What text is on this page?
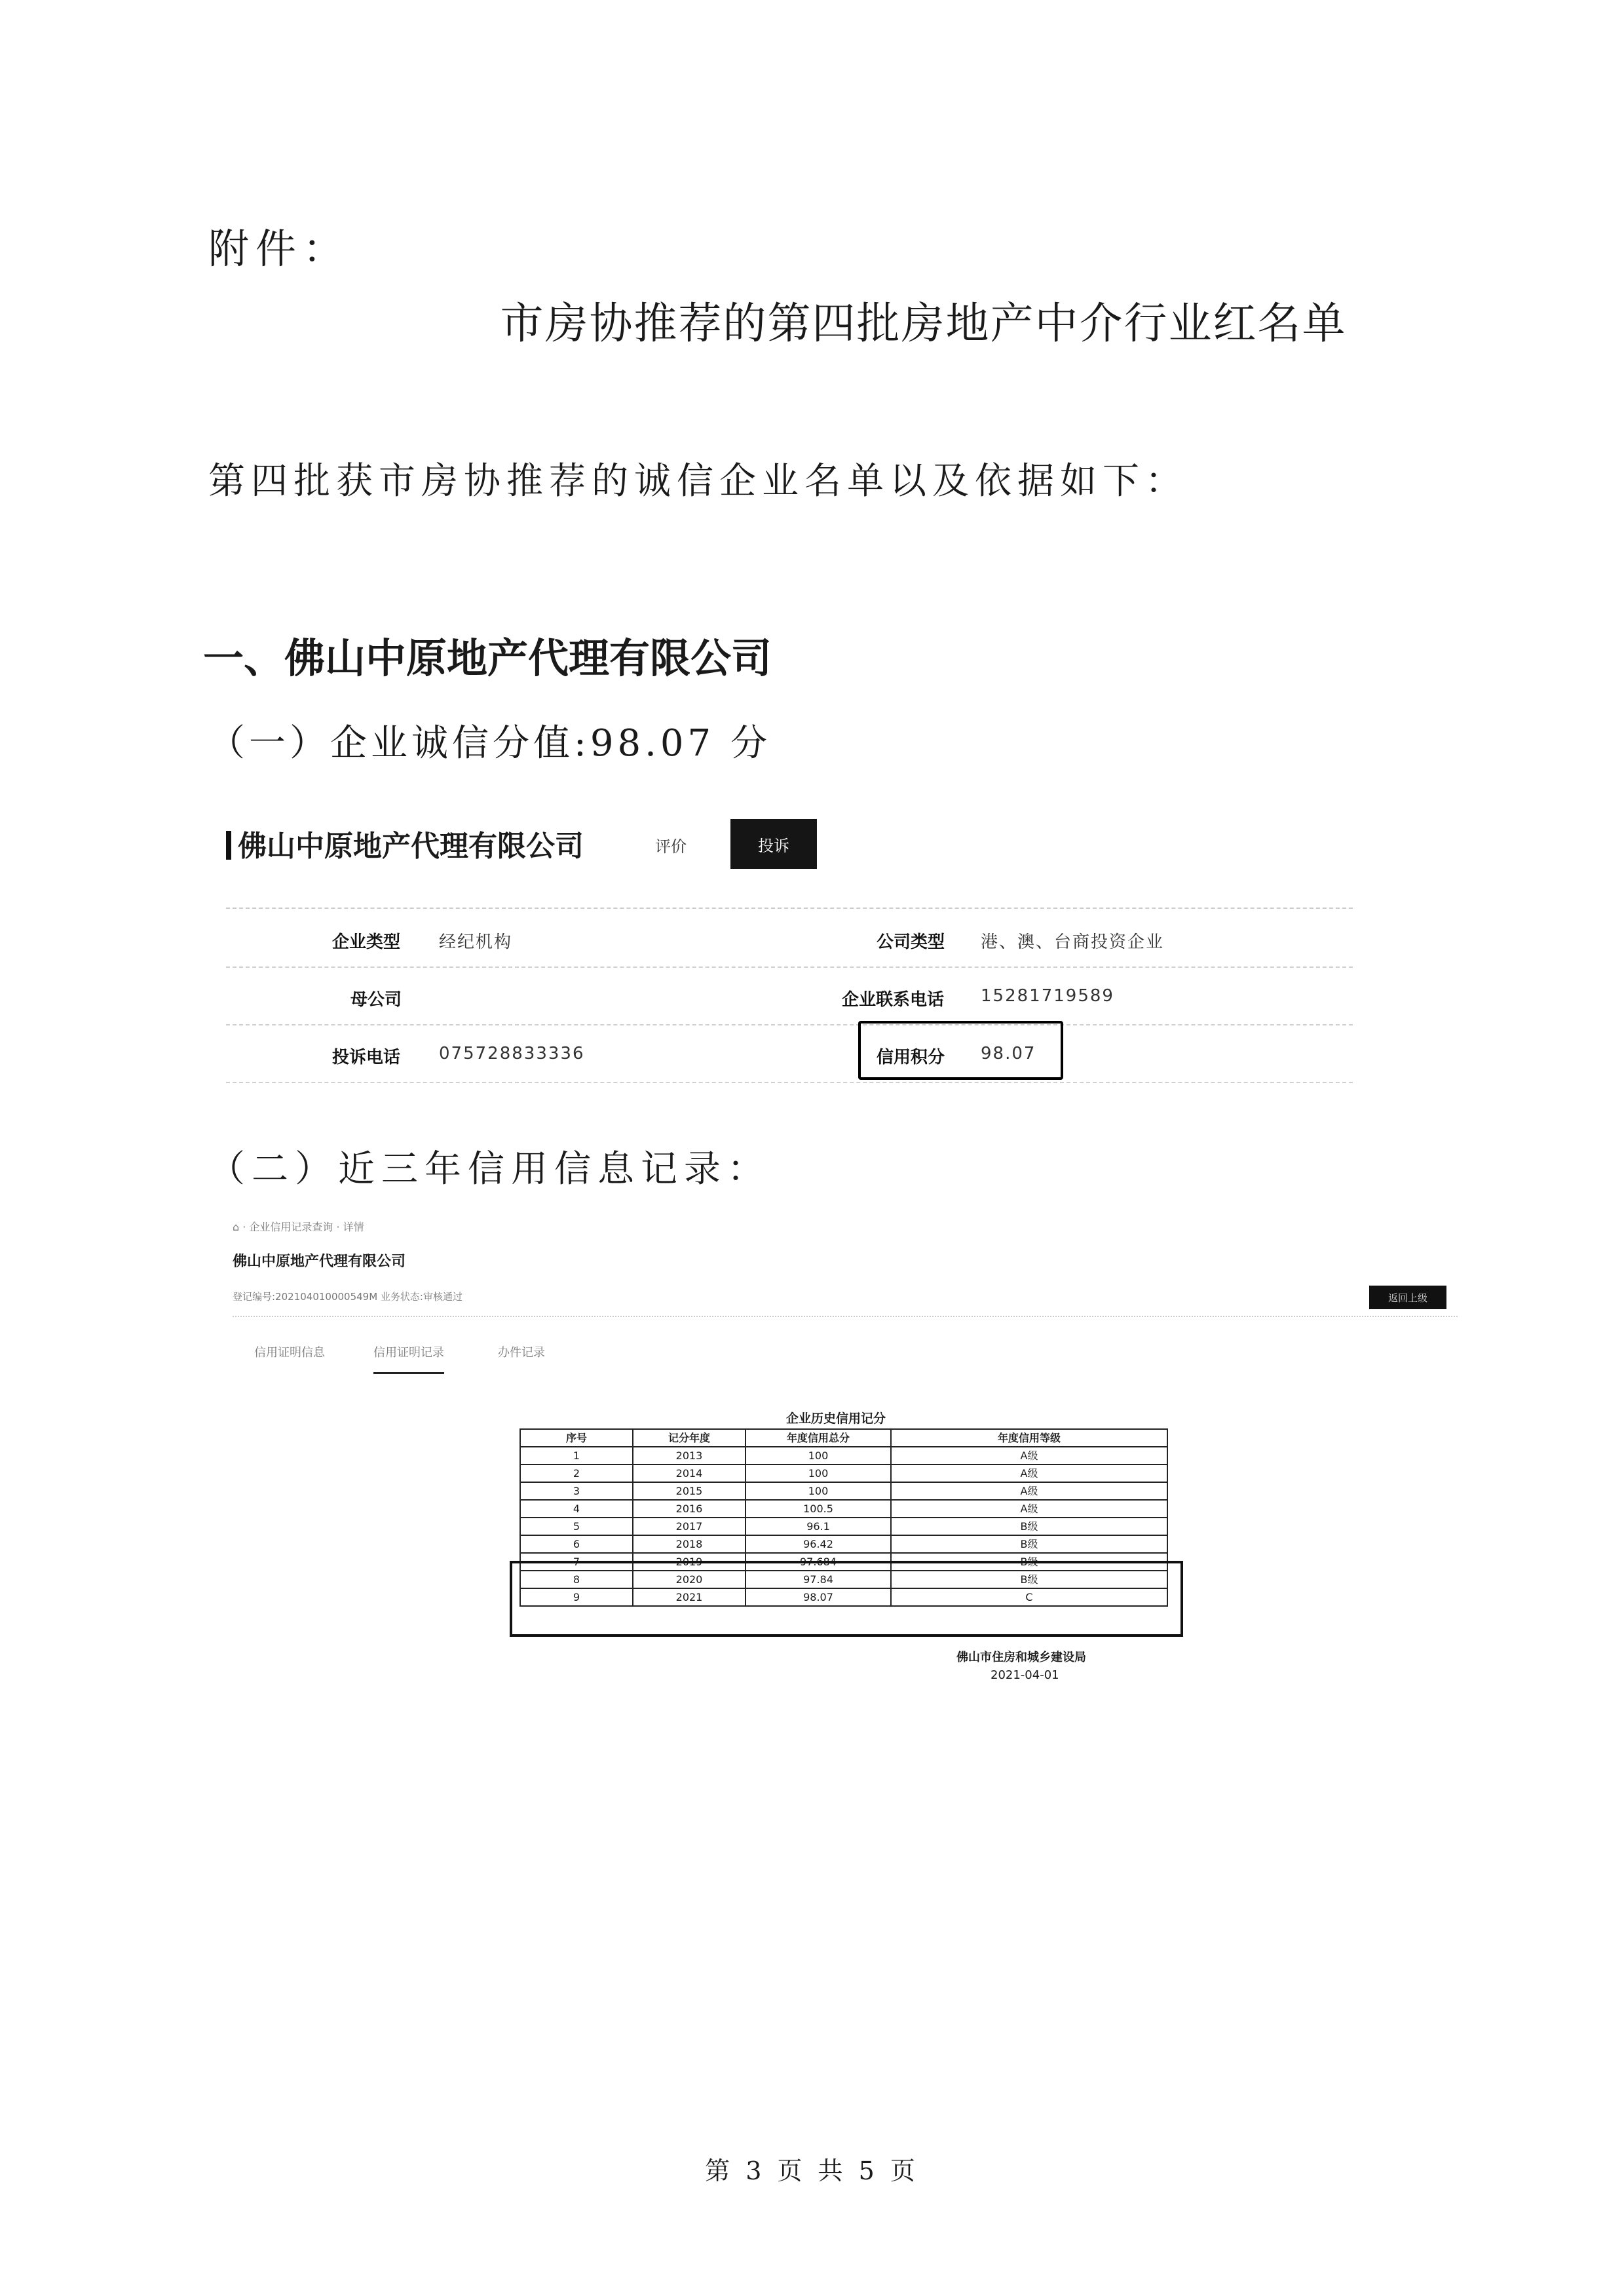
附件：
市房协推荐的第四批房地产中介行业红名单
第四批获市房协推荐的诚信企业名单以及依据如下：
一、佛山中原地产代理有限公司
（一）企业诚信分值:98.07 分
佛山中原地产代理有限公司	评价	投诉
企业类型 经纪机构	公司类型 港、澳、台商投资企业
母公司	企业联系电话 15281719589
投诉电话 075728833336	信用积分 98.07
（二）近三年信用信息记录：
⌂ · 企业信用记录查询 · 详情
佛山中原地产代理有限公司
登记编号:202104010000549M 业务状态:审核通过	返回上级
信用证明信息	信用证明记录	办件记录
企业历史信用记分
序号	记分年度	年度信用总分	年度信用等级
1	2013	100	A级
2	2014	100	A级
3	2015	100	A级
4	2016	100.5	A级
5	2017	96.1	B级
6	2018	96.42	B级
7	2019	97.684	B级
8	2020	97.84	B级
9	2021	98.07	C
佛山市住房和城乡建设局
2021-04-01
第 3 页 共 5 页
